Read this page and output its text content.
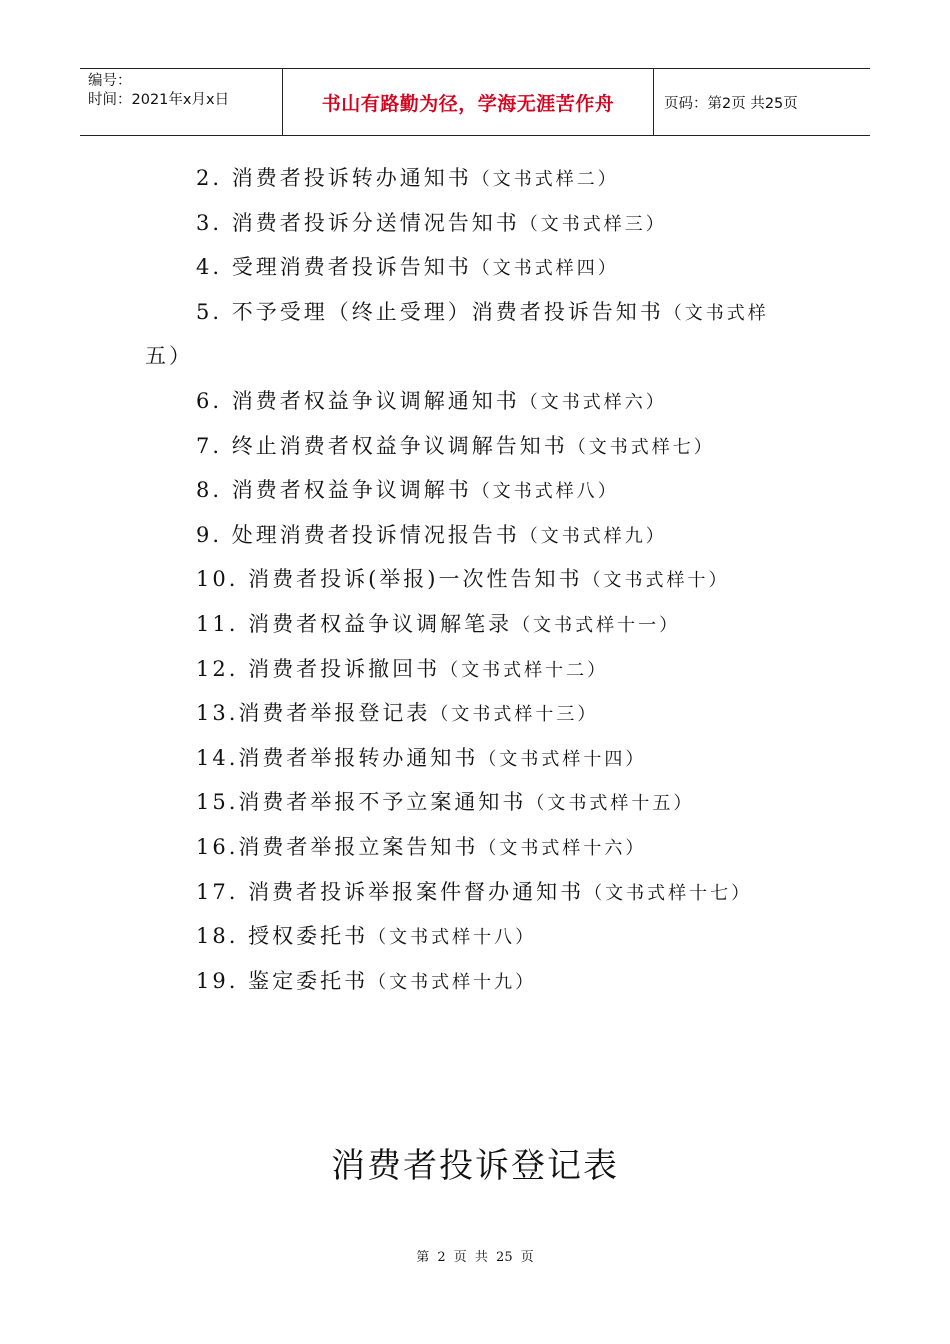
编号：
时间：2021年x月x日	书山有路勤为径，学海无涯苦作舟	页码：第2页 共25页
2. 消费者投诉转办通知书（文书式样二）
3. 消费者投诉分送情况告知书（文书式样三）
4. 受理消费者投诉告知书（文书式样四）
5. 不予受理（终止受理）消费者投诉告知书（文书式样
五）
6. 消费者权益争议调解通知书（文书式样六）
7. 终止消费者权益争议调解告知书（文书式样七）
8. 消费者权益争议调解书（文书式样八）
9. 处理消费者投诉情况报告书（文书式样九）
10. 消费者投诉(举报)一次性告知书（文书式样十）
11. 消费者权益争议调解笔录（文书式样十一）
12. 消费者投诉撤回书（文书式样十二）
13.消费者举报登记表（文书式样十三）
14.消费者举报转办通知书（文书式样十四）
15.消费者举报不予立案通知书（文书式样十五）
16.消费者举报立案告知书（文书式样十六）
17. 消费者投诉举报案件督办通知书（文书式样十七）
18. 授权委托书（文书式样十八）
19. 鉴定委托书（文书式样十九）
消费者投诉登记表
第 2 页 共 25 页
